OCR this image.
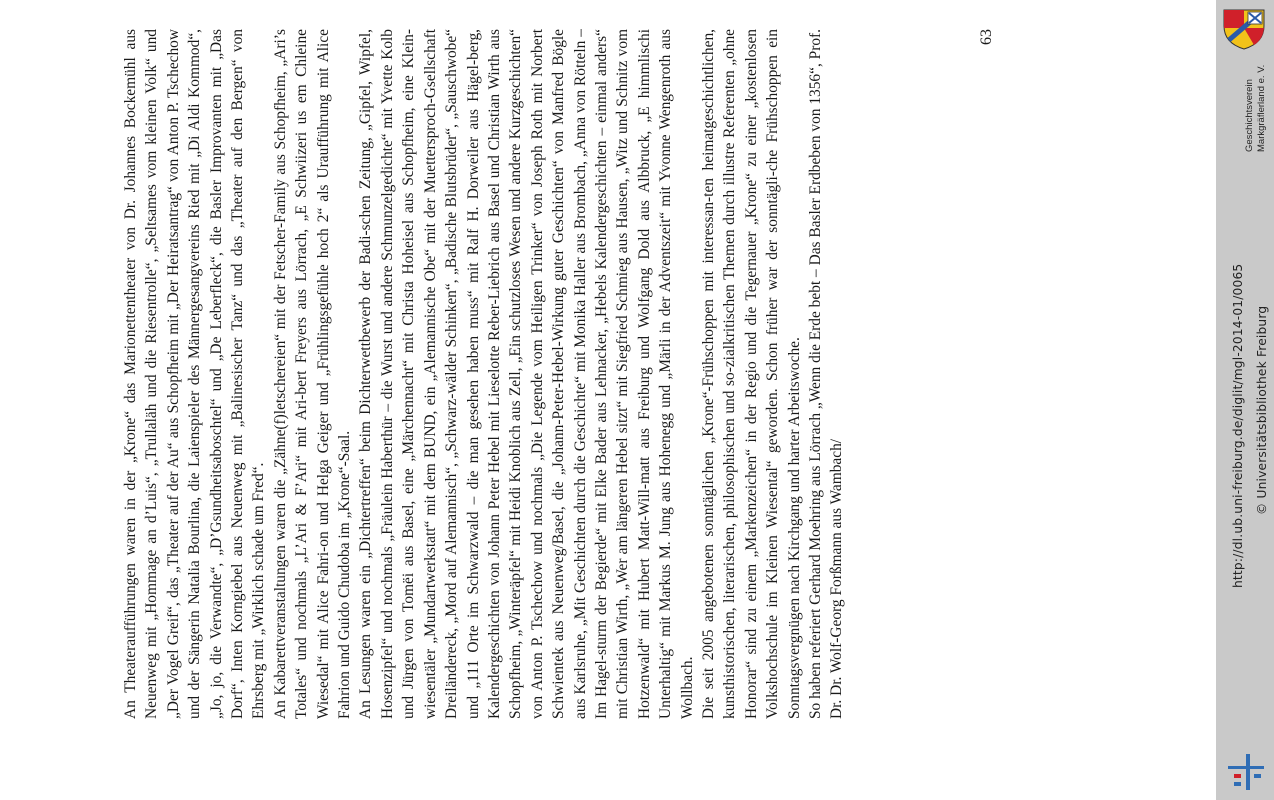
An Theateraufführungen waren in der „Krone“ das Marionettentheater von Dr. Johannes Bockemühl aus Neuenweg mit „Hommage an d’Luis“, „Trullaläh und die Riesentrolle“, „Seltsames vom kleinen Volk“ und „Der Vogel Greif“, das „Theater auf der Au“ aus Schopfheim mit „Der Heiratsantrag“ von Anton P. Tschechow und der Sängerin Natalia Bourlina, die Laienspieler des Männergesangvereins Ried mit „Di Aldi Kommod“, „Jo, jo, die Verwandte“, „D’Gsundheitsaboschtel“ und „De Leberfleck“, die Basler Improvanten mit „Das Dorf“, Inten Korngiebel aus Neuenweg mit „Balinesischer Tanz“ und das „Theater auf den Bergen“ von Ehrsberg mit „Wirklich schade um Fred“. An Kabarettveranstaltungen waren die „Zähne(f)letschereien“ mit der Fetscher-Family aus Schopfheim, „Ari’s Totales“ und nochmals „L’Ari & F’Ari“ mit Ari-bert Freyers aus Lörrach, „E Schwiizeri us em Chleine Wiesedal“ mit Alice Fahri-on und Helga Geiger und „Frühlingsgefühle hoch 2“ als Uraufführung mit Alice Fahrion und Guido Chudoba im „Krone“-Saal. An Lesungen waren ein „Dichtertreffen“ beim Dichterwettbewerb der Badi-schen Zeitung, „Gipfel, Wipfel, Hosenzipfel“ und nochmals „Fräulein Haberthür – die Wurst und andere Schmunzelgedichte“ mit Yvette Kolb und Jürgen von Tomëi aus Basel, eine „Märchennacht“ mit Christa Hoheisel aus Schopfheim, eine Klein-wiesentäler „Mundartwerkstatt“ mit dem BUND, ein „Alemannische Obe“ mit der Muettersproch-Gsellschaft Dreiländereck, „Mord auf Alemannisch“, „Schwarz-wälder Schinken“, „Badische Blutsbrüder“, „Sauschwobe“ und „111 Orte im Schwarzwald – die man gesehen haben muss“ mit Ralf H. Dorweiler aus Hägel-berg, Kalendergeschichten von Johann Peter Hebel mit Lieselotte Reber-Liebrich aus Basel und Christian Wirth aus Schopfheim, „Winteräpfel“ mit Heidi Knoblich aus Zell, „Ein schutzloses Wesen und andere Kurzgeschichten“ von Anton P. Tschechow und nochmals „Die Legende vom Heiligen Trinker“ von Joseph Roth mit Norbert Schwientek aus Neuenweg/Basel, die „Johann-Peter-Hebel-Wirkung guter Geschichten“ von Manfred Bögle aus Karlsruhe, „Mit Geschichten durch die Geschichte“ mit Monika Haller aus Brombach, „Anna von Rötteln – Im Hagel-sturm der Begierde“ mit Elke Bader aus Lehnacker, „Hebels Kalendergeschichten – einmal anders“ mit Christian Wirth, „Wer am längeren Hebel sitzt“ mit Siegfried Schmieg aus Hausen, „Witz und Schnitz vom Hotzenwald“ mit Hubert Matt-Will-matt aus Freiburg und Wolfgang Dold aus Albbruck, „E himmlischi Unterhaltig“ mit Markus M. Jung aus Hohenegg und „Märli in der Adventszeit“ mit Yvonne Wengenroth aus Wollbach. Die seit 2005 angebotenen sonntäglichen „Krone“-Frühschoppen mit interessan-ten heimatgeschichtlichen, kunsthistorischen, literarischen, philosophischen und so-zialkritischen Themen durch illustre Referenten „ohne Honorar“ sind zu einem „Markenzeichen“ in der Regio und die Tegernauer „Krone“ zu einer „kostenlosen Volkshochschule im Kleinen Wiesental“ geworden. Schon früher war der sonntägli-che Frühschoppen ein Sonntagsvergnügen nach Kirchgang und harter Arbeitswoche. So haben referiert Gerhard Moehring aus Lörrach „Wenn die Erde bebt – Das Basler Erdbeben von 1356“, Prof. Dr. Dr. Wolf-Georg Forßmann aus Wambach/

63
Geschichtsverein Markgräflerland e. V.
http://dl.ub.uni-freiburg.de/diglit/mgl-2014-01/0065 © Universitätsbibliothek Freiburg
